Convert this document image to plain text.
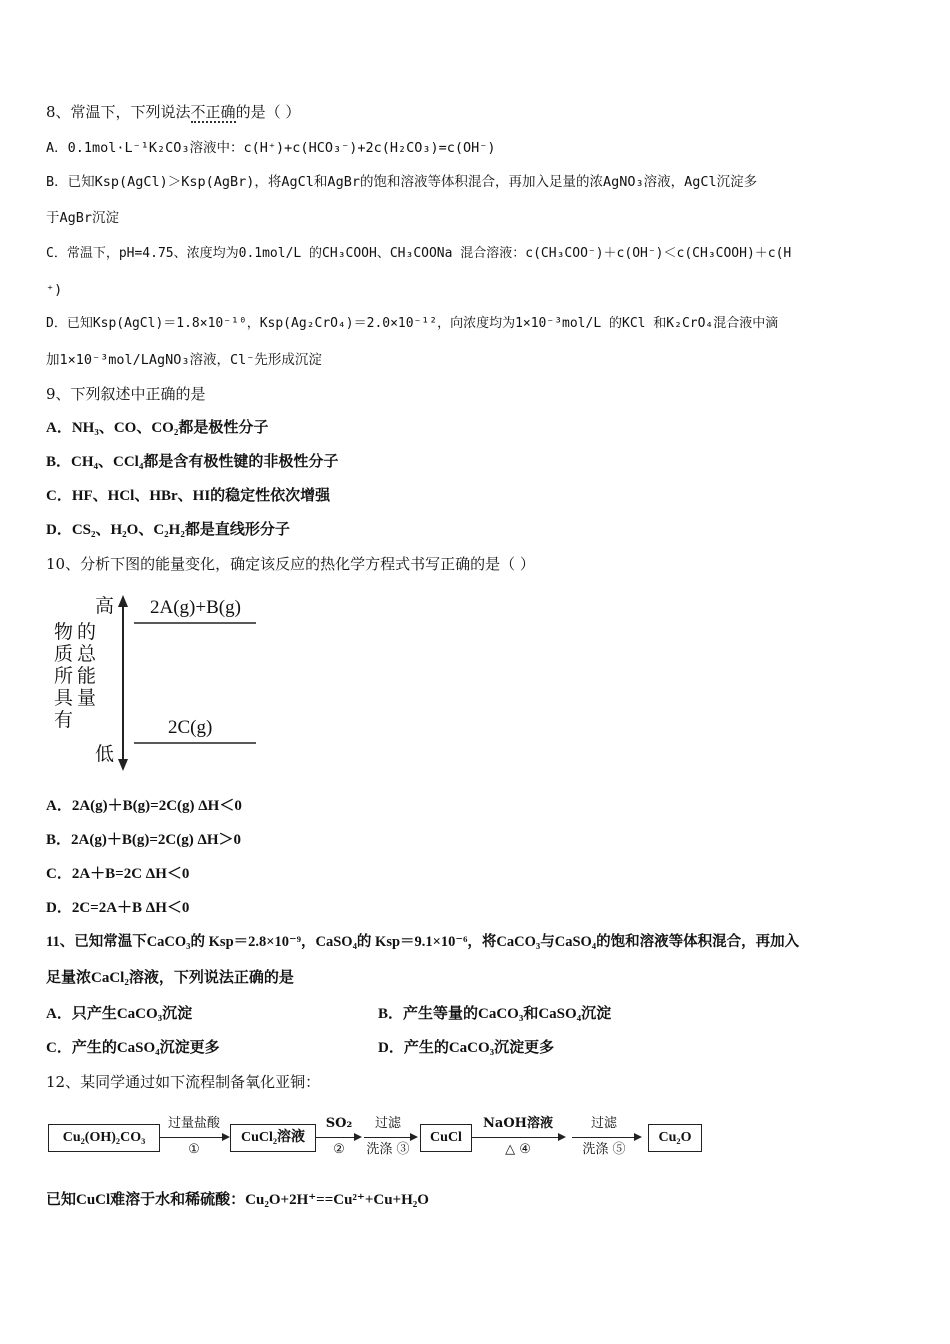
8、常温下，下列说法不正确的是（ ）
A．0.1mol·L⁻¹K₂CO₃溶液中：c(H⁺)+c(HCO₃⁻)+2c(H₂CO₃)=c(OH⁻)
B．已知Ksp(AgCl)＞Ksp(AgBr)，将AgCl和AgBr的饱和溶液等体积混合，再加入足量的浓AgNO₃溶液，AgCl沉淀多
于AgBr沉淀
C．常温下，pH=4.75、浓度均为0.1mol/L 的CH₃COOH、CH₃COONa 混合溶液：c(CH₃COO⁻)＋c(OH⁻)＜c(CH₃COOH)＋c(H
⁺)
D．已知Ksp(AgCl)＝1.8×10⁻¹⁰，Ksp(Ag₂CrO₄)＝2.0×10⁻¹²，向浓度均为1×10⁻³mol/L 的KCl 和K₂CrO₄混合液中滴
加1×10⁻³mol/LAgNO₃溶液，Cl⁻先形成沉淀
9、下列叙述中正确的是
A．NH₃、CO、CO₂都是极性分子
B．CH₄、CCl₄都是含有极性键的非极性分子
C．HF、HCl、HBr、HI的稳定性依次增强
D．CS₂、H₂O、C₂H₂都是直线形分子
10、分析下图的能量变化，确定该反应的热化学方程式书写正确的是（ ）
高
低
物
质
所
具
有
的
总
能
量
2A(g)+B(g)
2C(g)
A．2A(g)＋B(g)=2C(g) ΔH＜0
B．2A(g)＋B(g)=2C(g) ΔH＞0
C．2A＋B=2C ΔH＜0
D．2C=2A＋B ΔH＜0
11、已知常温下CaCO₃的 Ksp＝2.8×10⁻⁹，CaSO₄的 Ksp＝9.1×10⁻⁶，将CaCO₃与CaSO₄的饱和溶液等体积混合，再加入
足量浓CaCl₂溶液，下列说法正确的是
A．只产生CaCO₃沉淀	B．产生等量的CaCO₃和CaSO₄沉淀
C．产生的CaSO₄沉淀更多	D．产生的CaCO₃沉淀更多
12、某同学通过如下流程制备氧化亚铜：
Cu₂(OH)₂CO₃
过量盐酸
①
CuCl₂溶液
SO₂
②
过滤
洗涤 ③
CuCl
NaOH溶液
△ ④
过滤
洗涤 ⑤
Cu₂O
已知CuCl难溶于水和稀硫酸：Cu₂O+2H⁺==Cu²⁺+Cu+H₂O
